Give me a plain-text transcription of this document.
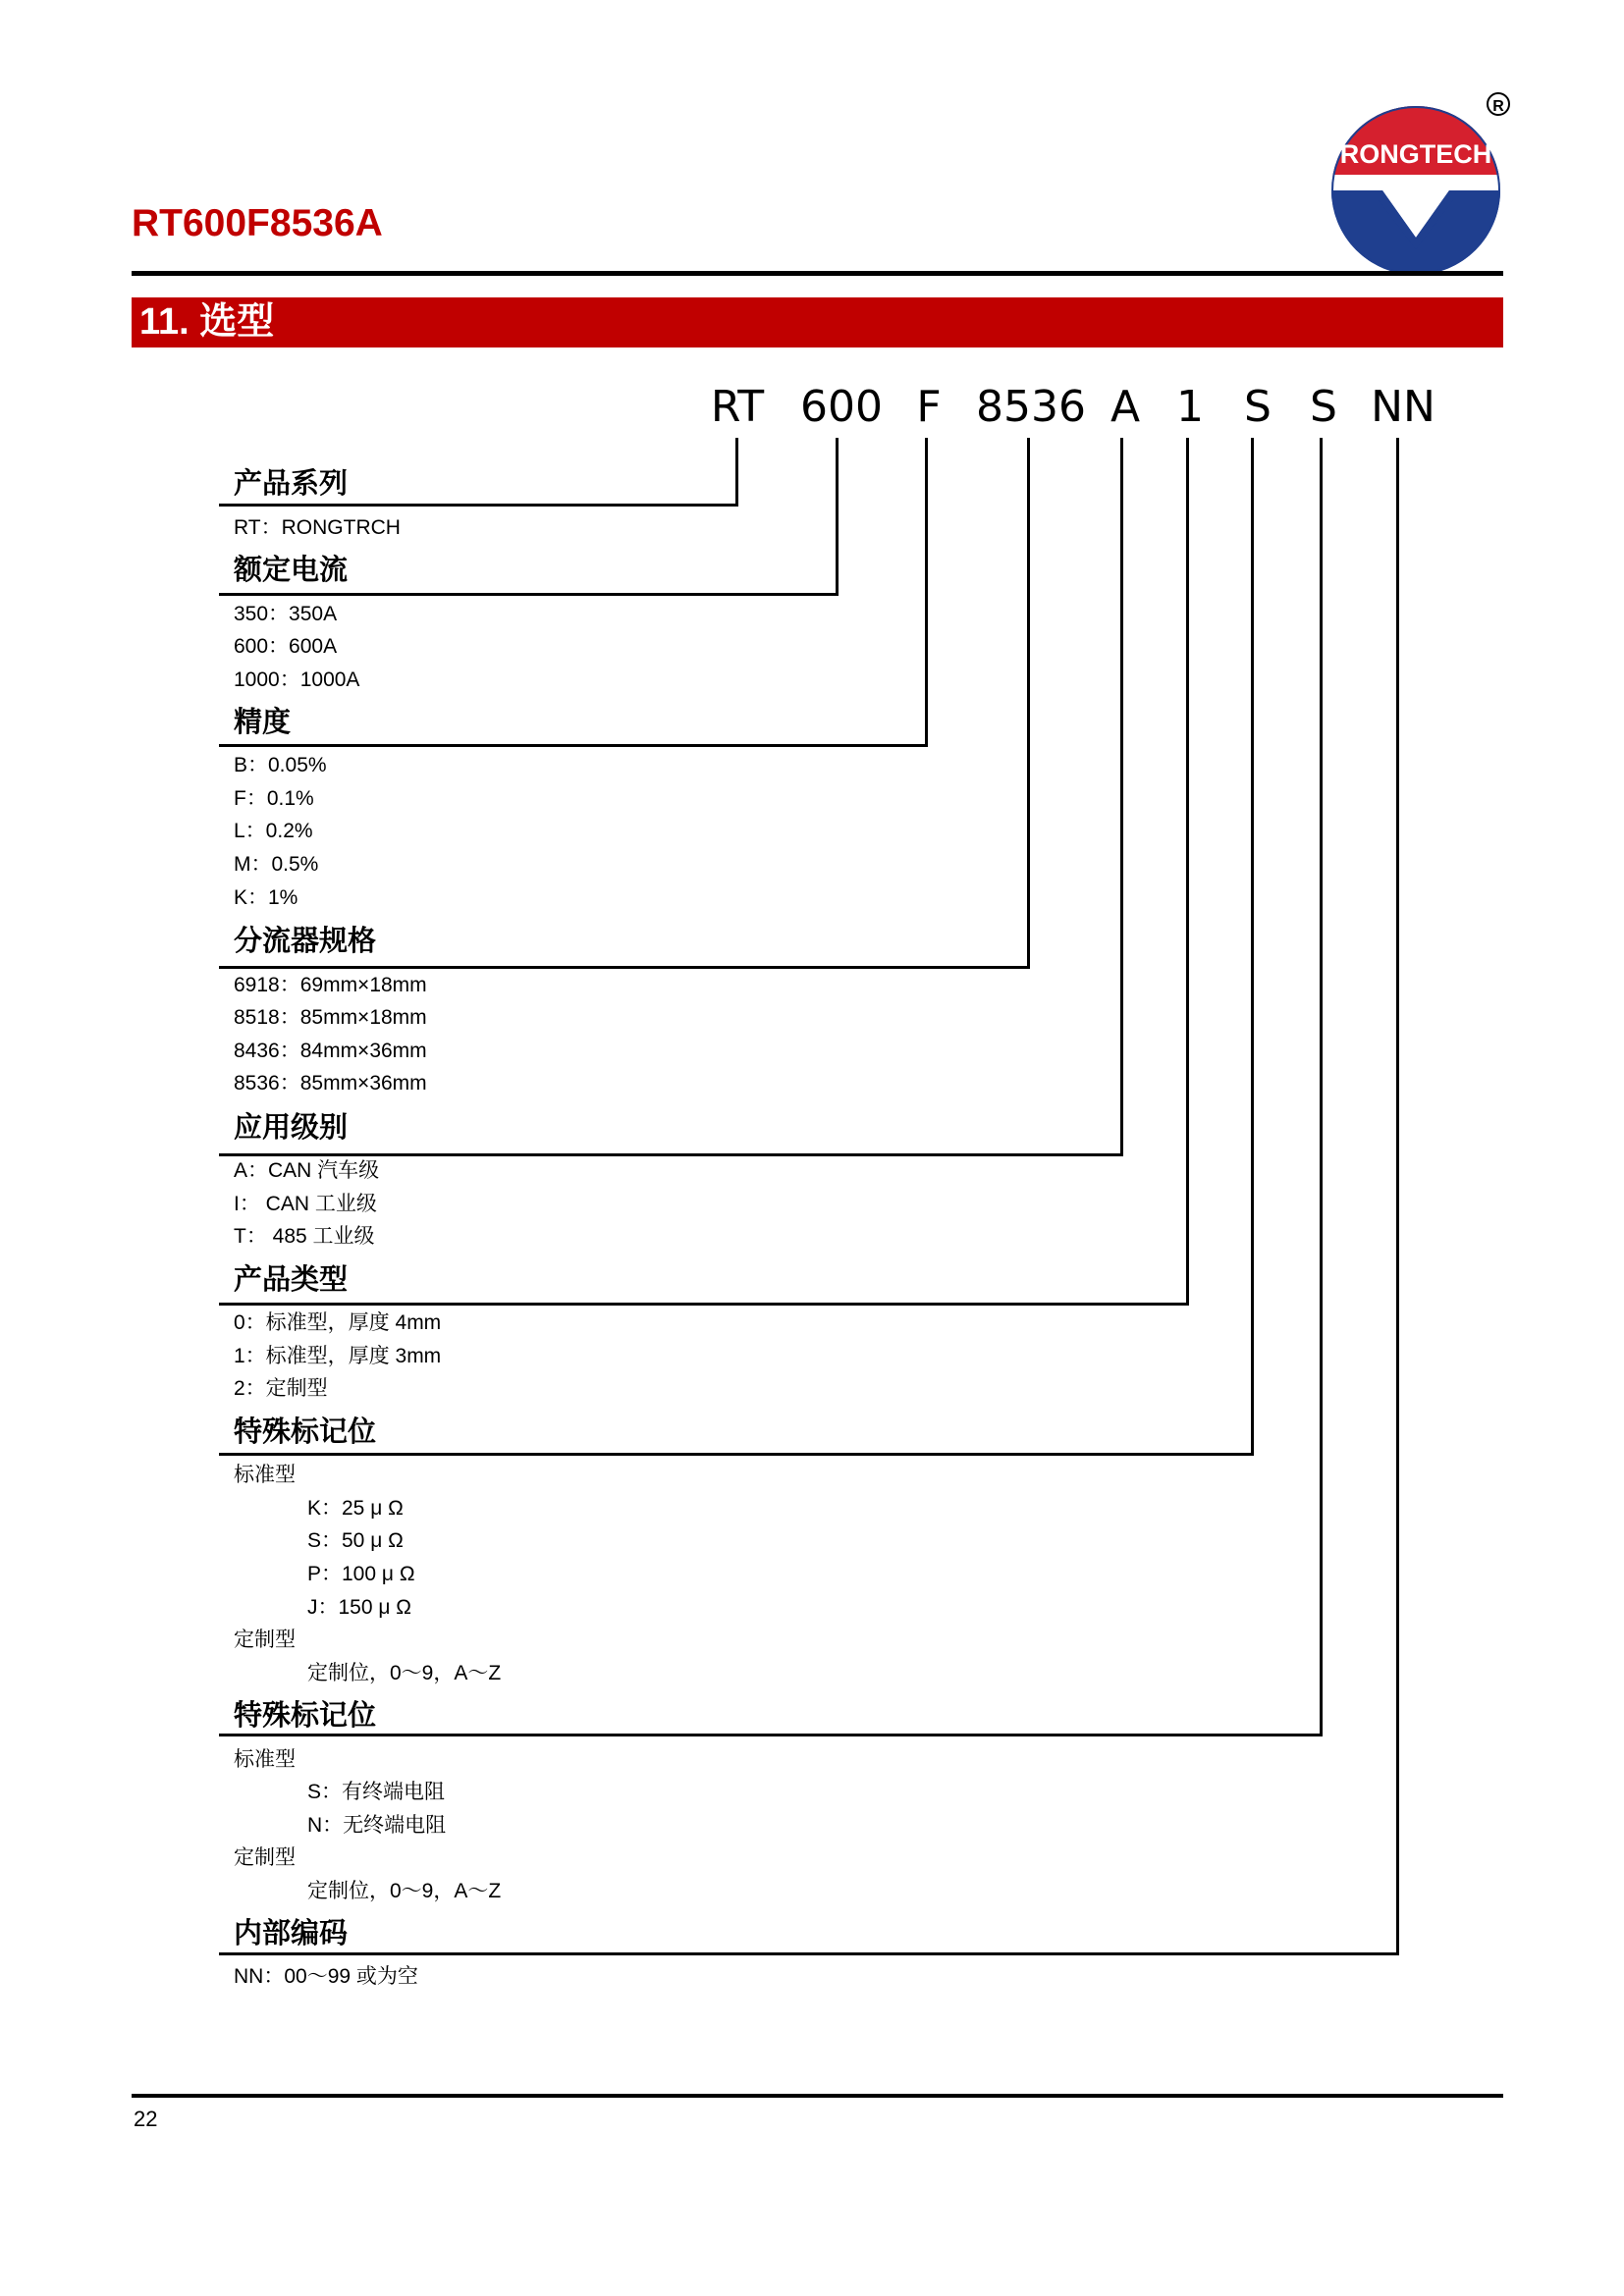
RT600F8536A
RONGTECH
R
11. 选型
RT 600 F 8536 A 1 S S NN
产品系列
RT：RONGTRCH
额定电流
350：350A
600：600A
1000：1000A
精度
B：0.05%
F：0.1%
L：0.2%
M：0.5%
K：1%
分流器规格
6918：69mm×18mm
8518：85mm×18mm
8436：84mm×36mm
8536：85mm×36mm
应用级别
A：CAN 汽车级
I： CAN 工业级
T： 485 工业级
产品类型
0：标准型，厚度 4mm
1：标准型，厚度 3mm
2：定制型
特殊标记位
标准型
K：25 μ Ω
S：50 μ Ω
P：100 μ Ω
J：150 μ Ω
定制型
定制位，0～9，A～Z
特殊标记位
标准型
S：有终端电阻
N：无终端电阻
定制型
定制位，0～9，A～Z
内部编码
NN：00～99 或为空
22
